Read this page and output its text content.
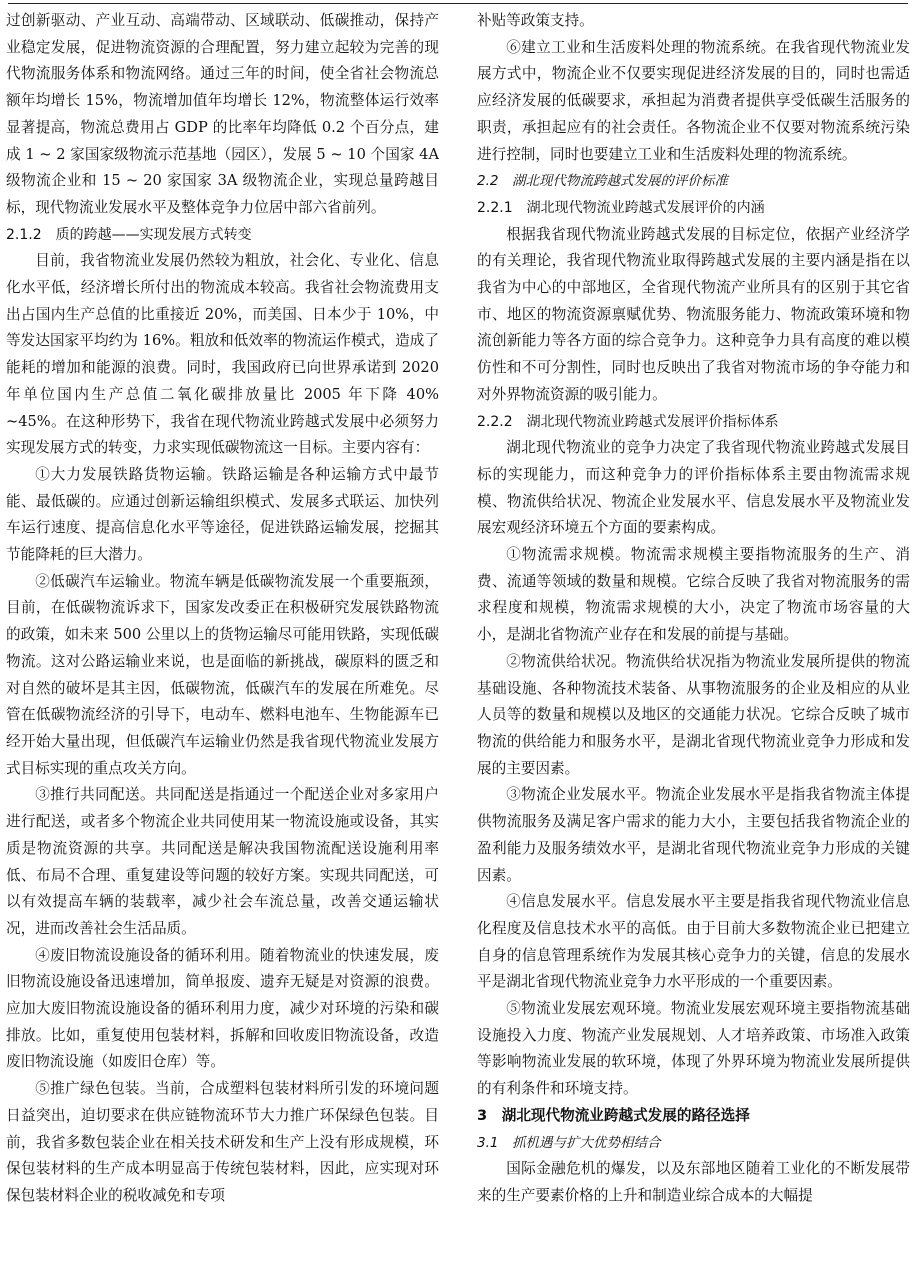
过创新驱动、产业互动、高端带动、区域联动、低碳推动，保持产业稳定发展，促进物流资源的合理配置，努力建立起较为完善的现代物流服务体系和物流网络。通过三年的时间，使全省社会物流总额年均增长 15%，物流增加值年均增长 12%，物流整体运行效率显著提高，物流总费用占 GDP 的比率年均降低 0.2 个百分点，建成 1 ~ 2 家国家级物流示范基地（园区），发展 5 ~ 10 个国家 4A 级物流企业和 15 ~ 20 家国家 3A 级物流企业，实现总量跨越目标，现代物流业发展水平及整体竞争力位居中部六省前列。

2.1.2　质的跨越——实现发展方式转变

目前，我省物流业发展仍然较为粗放，社会化、专业化、信息化水平低，经济增长所付出的物流成本较高。我省社会物流费用支出占国内生产总值的比重接近 20%，而美国、日本少于 10%，中等发达国家平均约为 16%。粗放和低效率的物流运作模式，造成了能耗的增加和能源的浪费。同时，我国政府已向世界承诺到 2020 年单位国内生产总值二氧化碳排放量比 2005 年下降 40% ~45%。在这种形势下，我省在现代物流业跨越式发展中必须努力实现发展方式的转变，力求实现低碳物流这一目标。主要内容有：

①大力发展铁路货物运输。铁路运输是各种运输方式中最节能、最低碳的。应通过创新运输组织模式、发展多式联运、加快列车运行速度、提高信息化水平等途径，促进铁路运输发展，挖掘其节能降耗的巨大潜力。

②低碳汽车运输业。物流车辆是低碳物流发展一个重要瓶颈，目前，在低碳物流诉求下，国家发改委正在积极研究发展铁路物流的政策，如未来 500 公里以上的货物运输尽可能用铁路，实现低碳物流。这对公路运输业来说，也是面临的新挑战，碳原料的匮乏和对自然的破坏是其主因，低碳物流，低碳汽车的发展在所难免。尽管在低碳物流经济的引导下，电动车、燃料电池车、生物能源车已经开始大量出现，但低碳汽车运输业仍然是我省现代物流业发展方式目标实现的重点攻关方向。

③推行共同配送。共同配送是指通过一个配送企业对多家用户进行配送，或者多个物流企业共同使用某一物流设施或设备，其实质是物流资源的共享。共同配送是解决我国物流配送设施利用率低、布局不合理、重复建设等问题的较好方案。实现共同配送，可以有效提高车辆的装载率，减少社会车流总量，改善交通运输状况，进而改善社会生活品质。

④废旧物流设施设备的循环利用。随着物流业的快速发展，废旧物流设施设备迅速增加，简单报废、遗弃无疑是对资源的浪费。应加大废旧物流设施设备的循环利用力度，减少对环境的污染和碳排放。比如，重复使用包装材料，拆解和回收废旧物流设备，改造废旧物流设施（如废旧仓库）等。

⑤推广绿色包装。当前，合成塑料包装材料所引发的环境问题日益突出，迫切要求在供应链物流环节大力推广环保绿色包装。目前，我省多数包装企业在相关技术研发和生产上没有形成规模，环保包装材料的生产成本明显高于传统包装材料，因此，应实现对环保包装材料企业的税收减免和专项

补贴等政策支持。

⑥建立工业和生活废料处理的物流系统。在我省现代物流业发展方式中，物流企业不仅要实现促进经济发展的目的，同时也需适应经济发展的低碳要求，承担起为消费者提供享受低碳生活服务的职责，承担起应有的社会责任。各物流企业不仅要对物流系统污染进行控制，同时也要建立工业和生活废料处理的物流系统。

2.2　湖北现代物流跨越式发展的评价标准

2.2.1　湖北现代物流业跨越式发展评价的内涵

根据我省现代物流业跨越式发展的目标定位，依据产业经济学的有关理论，我省现代物流业取得跨越式发展的主要内涵是指在以我省为中心的中部地区，全省现代物流产业所具有的区别于其它省市、地区的物流资源禀赋优势、物流服务能力、物流政策环境和物流创新能力等各方面的综合竞争力。这种竞争力具有高度的难以模仿性和不可分割性，同时也反映出了我省对物流市场的争夺能力和对外界物流资源的吸引能力。

2.2.2　湖北现代物流业跨越式发展评价指标体系

湖北现代物流业的竞争力决定了我省现代物流业跨越式发展目标的实现能力，而这种竞争力的评价指标体系主要由物流需求规模、物流供给状况、物流企业发展水平、信息发展水平及物流业发展宏观经济环境五个方面的要素构成。

①物流需求规模。物流需求规模主要指物流服务的生产、消费、流通等领域的数量和规模。它综合反映了我省对物流服务的需求程度和规模，物流需求规模的大小，决定了物流市场容量的大小，是湖北省物流产业存在和发展的前提与基础。

②物流供给状况。物流供给状况指为物流业发展所提供的物流基础设施、各种物流技术装备、从事物流服务的企业及相应的从业人员等的数量和规模以及地区的交通能力状况。它综合反映了城市物流的供给能力和服务水平，是湖北省现代物流业竞争力形成和发展的主要因素。

③物流企业发展水平。物流企业发展水平是指我省物流主体提供物流服务及满足客户需求的能力大小，主要包括我省物流企业的盈利能力及服务绩效水平，是湖北省现代物流业竞争力形成的关键因素。

④信息发展水平。信息发展水平主要是指我省现代物流业信息化程度及信息技术水平的高低。由于目前大多数物流企业已把建立自身的信息管理系统作为发展其核心竞争力的关键，信息的发展水平是湖北省现代物流业竞争力水平形成的一个重要因素。

⑤物流业发展宏观环境。物流业发展宏观环境主要指物流基础设施投入力度、物流产业发展规划、人才培养政策、市场准入政策等影响物流业发展的软环境，体现了外界环境为物流业发展所提供的有利条件和环境支持。

3　湖北现代物流业跨越式发展的路径选择

3.1　抓机遇与扩大优势相结合

国际金融危机的爆发，以及东部地区随着工业化的不断发展带来的生产要素价格的上升和制造业综合成本的大幅提
